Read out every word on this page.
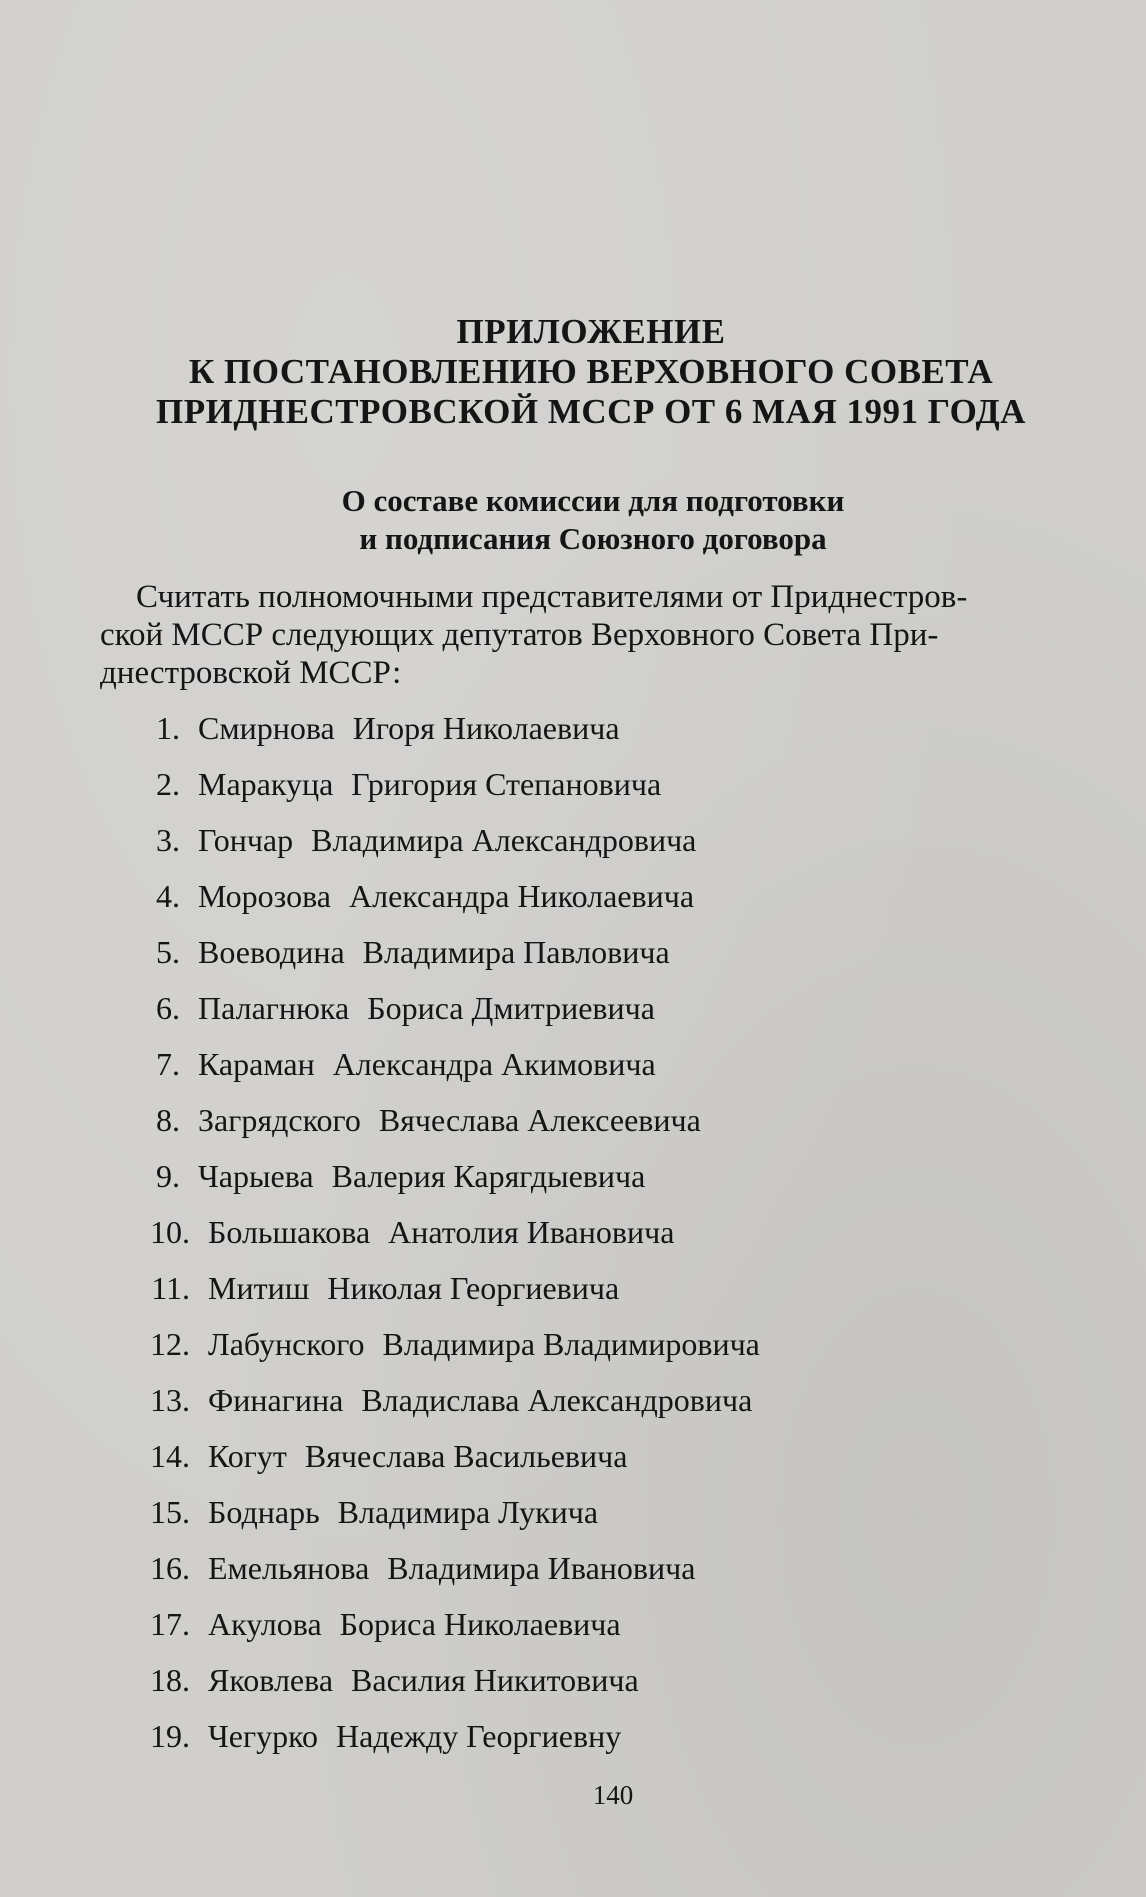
ПРИЛОЖЕНИЕ
К ПОСТАНОВЛЕНИЮ ВЕРХОВНОГО СОВЕТА
ПРИДНЕСТРОВСКОЙ МССР ОТ 6 МАЯ 1991 ГОДА
О составе комиссии для подготовки
и подписания Союзного договора
Считать полномочными представителями от Приднестров-
ской МССР следующих депутатов Верховного Совета При-
днестровской МССР:
1. Смирнова Игоря Николаевича
2. Маракуца Григория Степановича
3. Гончар Владимира Александровича
4. Морозова Александра Николаевича
5. Воеводина Владимира Павловича
6. Палагнюка Бориса Дмитриевича
7. Караман Александра Акимовича
8. Загрядского Вячеслава Алексеевича
9. Чарыева Валерия Карягдыевича
10. Большакова Анатолия Ивановича
11. Митиш Николая Георгиевича
12. Лабунского Владимира Владимировича
13. Финагина Владислава Александровича
14. Когут Вячеслава Васильевича
15. Боднарь Владимира Лукича
16. Емельянова Владимира Ивановича
17. Акулова Бориса Николаевича
18. Яковлева Василия Никитовича
19. Чегурко Надежду Георгиевну
140
